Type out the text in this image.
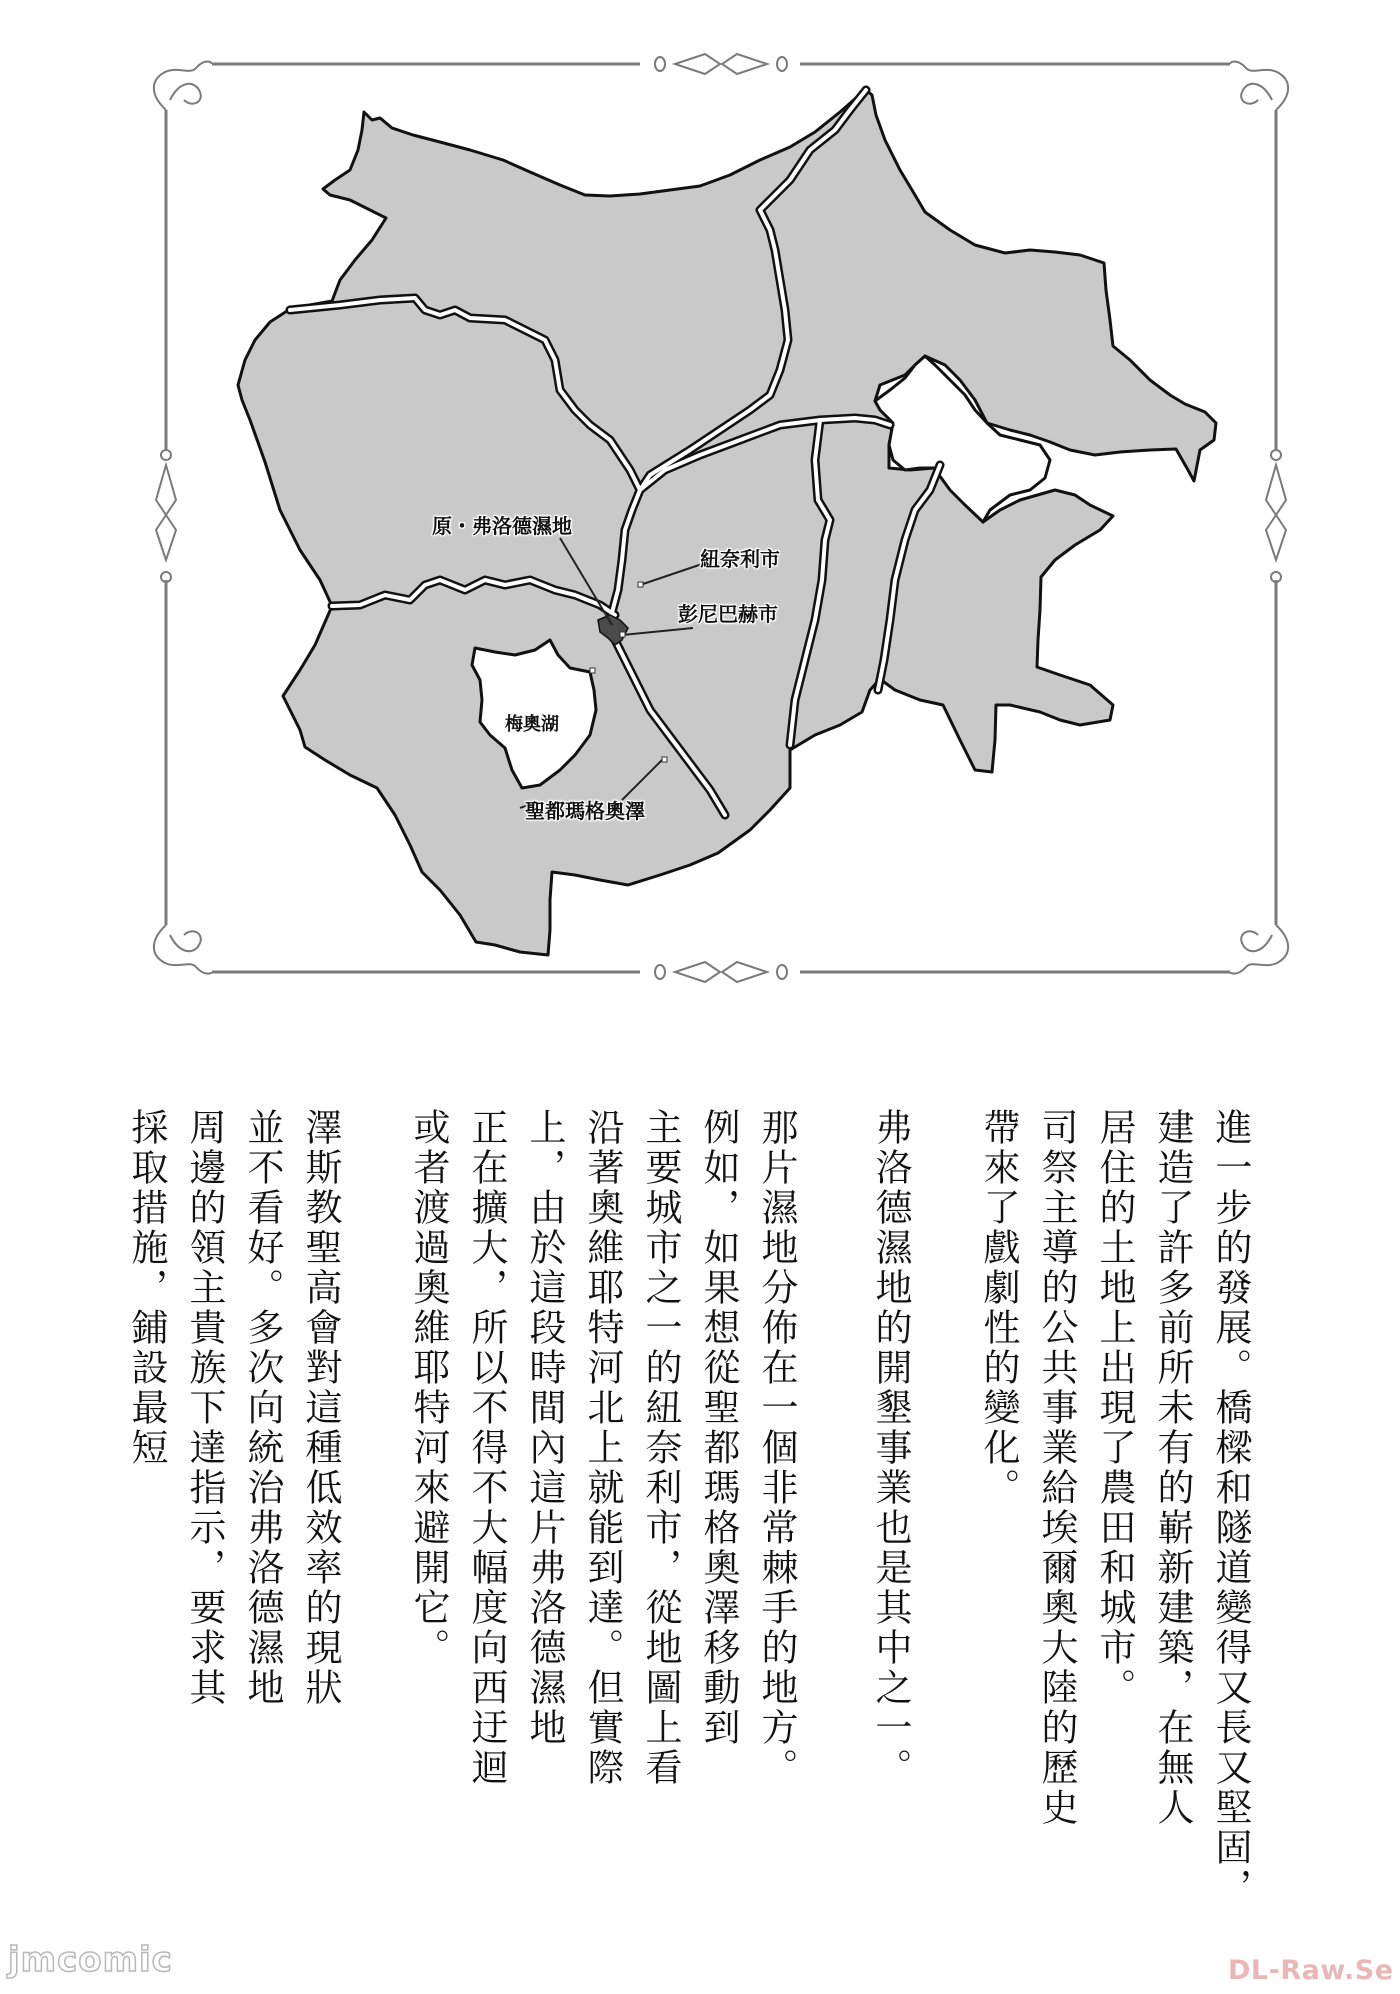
原・弗洛德濕地
紐奈利市
彭尼巴赫市
梅奧湖
聖都瑪格奧澤
進一步的發展。橋樑和隧道變得又長又堅固，
建造了許多前所未有的嶄新建築，在無人
居住的土地上出現了農田和城市。
司祭主導的公共事業給埃爾奧大陸的歷史
帶來了戲劇性的變化。
弗洛德濕地的開墾事業也是其中之一。
那片濕地分佈在一個非常棘手的地方。
例如，如果想從聖都瑪格奧澤移動到
主要城市之一的紐奈利市，從地圖上看
沿著奧維耶特河北上就能到達。但實際
上，由於這段時間內這片弗洛德濕地
正在擴大，所以不得不大幅度向西迂迴
或者渡過奧維耶特河來避開它。
澤斯教聖高會對這種低效率的現狀
並不看好。多次向統治弗洛德濕地
周邊的領主貴族下達指示，要求其
採取措施，鋪設最短
jmcomic	DL-Raw.Se
